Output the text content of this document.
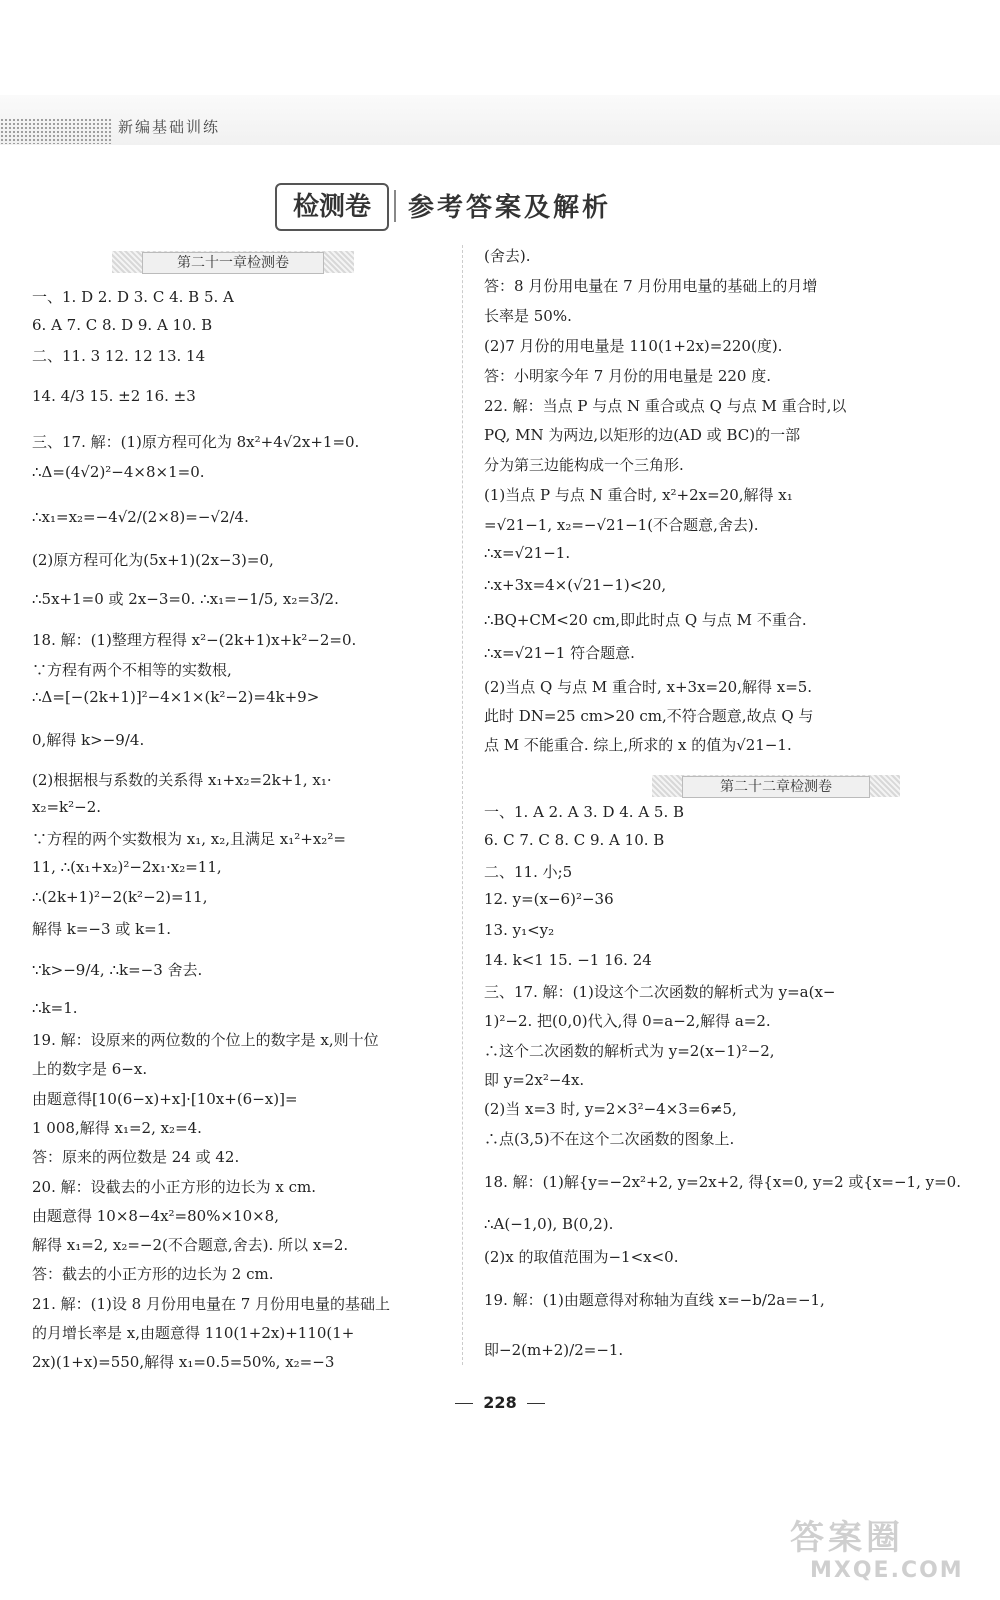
新编基础训练
检测卷	参考答案及解析
第二十一章检测卷
第二十二章检测卷
一、1. D 2. D 3. C 4. B 5. A
6. A 7. C 8. D 9. A 10. B
二、11. 3 12. 12 13. 14
14. 4/3 15. ±2 16. ±3
三、17. 解：(1)原方程可化为 8x²+4√2x+1=0.
∴Δ=(4√2)²−4×8×1=0.
∴x₁=x₂=−4√2/(2×8)=−√2/4.
(2)原方程可化为(5x+1)(2x−3)=0,
∴5x+1=0 或 2x−3=0. ∴x₁=−1/5, x₂=3/2.
18. 解：(1)整理方程得 x²−(2k+1)x+k²−2=0.
∵方程有两个不相等的实数根,
∴Δ=[−(2k+1)]²−4×1×(k²−2)=4k+9>
0,解得 k>−9/4.
(2)根据根与系数的关系得 x₁+x₂=2k+1, x₁·
x₂=k²−2.
∵方程的两个实数根为 x₁, x₂,且满足 x₁²+x₂²=
11, ∴(x₁+x₂)²−2x₁·x₂=11,
∴(2k+1)²−2(k²−2)=11,
解得 k=−3 或 k=1.
∵k>−9/4, ∴k=−3 舍去.
∴k=1.
19. 解：设原来的两位数的个位上的数字是 x,则十位
上的数字是 6−x.
由题意得[10(6−x)+x]·[10x+(6−x)]=
1 008,解得 x₁=2, x₂=4.
答：原来的两位数是 24 或 42.
20. 解：设截去的小正方形的边长为 x cm.
由题意得 10×8−4x²=80%×10×8,
解得 x₁=2, x₂=−2(不合题意,舍去). 所以 x=2.
答：截去的小正方形的边长为 2 cm.
21. 解：(1)设 8 月份用电量在 7 月份用电量的基础上
的月增长率是 x,由题意得 110(1+2x)+110(1+
2x)(1+x)=550,解得 x₁=0.5=50%, x₂=−3
(舍去).
答：8 月份用电量在 7 月份用电量的基础上的月增
长率是 50%.
(2)7 月份的用电量是 110(1+2x)=220(度).
答：小明家今年 7 月份的用电量是 220 度.
22. 解：当点 P 与点 N 重合或点 Q 与点 M 重合时,以
PQ, MN 为两边,以矩形的边(AD 或 BC)的一部
分为第三边能构成一个三角形.
(1)当点 P 与点 N 重合时, x²+2x=20,解得 x₁
=√21−1, x₂=−√21−1(不合题意,舍去).
∴x=√21−1.
∴x+3x=4×(√21−1)<20,
∴BQ+CM<20 cm,即此时点 Q 与点 M 不重合.
∴x=√21−1 符合题意.
(2)当点 Q 与点 M 重合时, x+3x=20,解得 x=5.
此时 DN=25 cm>20 cm,不符合题意,故点 Q 与
点 M 不能重合. 综上,所求的 x 的值为√21−1.
一、1. A 2. A 3. D 4. A 5. B
6. C 7. C 8. C 9. A 10. B
二、11. 小;5
12. y=(x−6)²−36
13. y₁<y₂
14. k<1 15. −1 16. 24
三、17. 解：(1)设这个二次函数的解析式为 y=a(x−
1)²−2. 把(0,0)代入,得 0=a−2,解得 a=2.
∴这个二次函数的解析式为 y=2(x−1)²−2,
即 y=2x²−4x.
(2)当 x=3 时, y=2×3²−4×3=6≠5,
∴点(3,5)不在这个二次函数的图象上.
18. 解：(1)解{y=−2x²+2, y=2x+2, 得{x=0, y=2 或{x=−1, y=0.
∴A(−1,0), B(0,2).
(2)x 的取值范围为−1<x<0.
19. 解：(1)由题意得对称轴为直线 x=−b/2a=−1,
即−2(m+2)/2=−1.
228
答案圈
MXQE.COM
